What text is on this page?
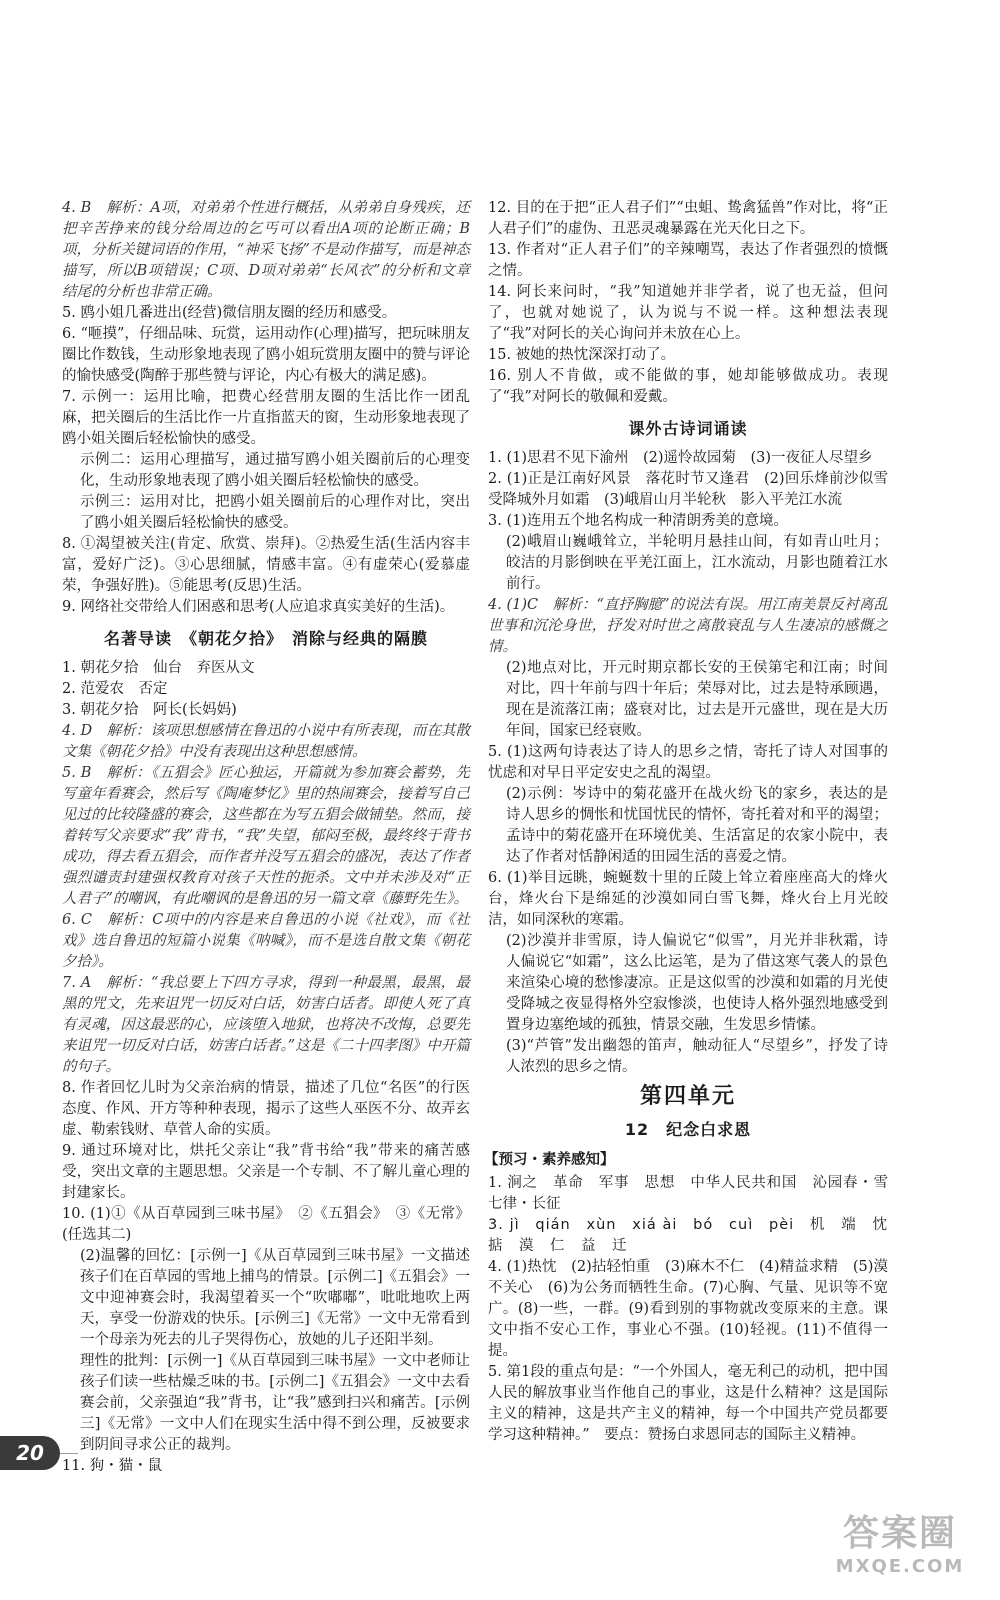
4. B　解析：A项，对弟弟个性进行概括，从弟弟自身残疾，还把辛苦挣来的钱分给周边的乞丐可以看出A项的论断正确；B项，分析关键词语的作用，“神采飞扬”不是动作描写，而是神态描写，所以B项错误；C项、D项对弟弟“长风衣”的分析和文章结尾的分析也非常正确。

5. 鸥小姐几番进出(经营)微信朋友圈的经历和感受。

6. “咂摸”，仔细品味、玩赏，运用动作(心理)描写，把玩味朋友圈比作数钱，生动形象地表现了鸥小姐玩赏朋友圈中的赞与评论的愉快感受(陶醉于那些赞与评论，内心有极大的满足感)。

7. 示例一：运用比喻，把费心经营朋友圈的生活比作一团乱麻，把关圈后的生活比作一片直指蓝天的窗，生动形象地表现了鸥小姐关圈后轻松愉快的感受。

示例二：运用心理描写，通过描写鸥小姐关圈前后的心理变化，生动形象地表现了鸥小姐关圈后轻松愉快的感受。

示例三：运用对比，把鸥小姐关圈前后的心理作对比，突出了鸥小姐关圈后轻松愉快的感受。

8. ①渴望被关注(肯定、欣赏、崇拜)。②热爱生活(生活内容丰富，爱好广泛)。③心思细腻，情感丰富。④有虚荣心(爱慕虚荣，争强好胜)。⑤能思考(反思)生活。

9. 网络社交带给人们困惑和思考(人应追求真实美好的生活)。

名著导读　《朝花夕拾》　消除与经典的隔膜

1. 朝花夕拾　仙台　弃医从文

2. 范爱农　否定

3. 朝花夕拾　阿长(长妈妈)

4. D　解析：该项思想感情在鲁迅的小说中有所表现，而在其散文集《朝花夕拾》中没有表现出这种思想感情。

5. B　解析：《五猖会》匠心独运，开篇就为参加赛会蓄势，先写童年看赛会，然后写《陶庵梦忆》里的热闹赛会，接着写自己见过的比较隆盛的赛会，这些都在为写五猖会做铺垫。然而，接着转写父亲要求“我”背书，“我”失望，郁闷至极，最终终于背书成功，得去看五猖会，而作者并没写五猖会的盛况，表达了作者强烈谴责封建强权教育对孩子天性的扼杀。文中并未涉及对“正人君子”的嘲讽，有此嘲讽的是鲁迅的另一篇文章《藤野先生》。

6. C　解析：C项中的内容是来自鲁迅的小说《社戏》，而《社戏》选自鲁迅的短篇小说集《呐喊》，而不是选自散文集《朝花夕拾》。

7. A　解析：“我总要上下四方寻求，得到一种最黑，最黑，最黑的咒文，先来诅咒一切反对白话，妨害白话者。即使人死了真有灵魂，因这最恶的心，应该堕入地狱，也将决不改悔，总要先来诅咒一切反对白话，妨害白话者。”这是《二十四孝图》中开篇的句子。

8. 作者回忆儿时为父亲治病的情景，描述了几位“名医”的行医态度、作风、开方等种种表现，揭示了这些人巫医不分、故弄玄虚、勒索钱财、草菅人命的实质。

9. 通过环境对比，烘托父亲让“我”背书给“我”带来的痛苦感受，突出文章的主题思想。父亲是一个专制、不了解儿童心理的封建家长。

10. (1)①《从百草园到三味书屋》　②《五猖会》　③《无常》(任选其二)

(2)温馨的回忆：[示例一]《从百草园到三味书屋》一文描述孩子们在百草园的雪地上捕鸟的情景。[示例二]《五猖会》一文中迎神赛会时，我渴望着买一个“吹嘟嘟”，吡吡地吹上两天，享受一份游戏的快乐。[示例三]《无常》一文中无常看到一个母亲为死去的儿子哭得伤心，放她的儿子还阳半刻。

理性的批判：[示例一]《从百草园到三味书屋》一文中老师让孩子们读一些枯燥乏味的书。[示例二]《五猖会》一文中去看赛会前，父亲强迫“我”背书，让“我”感到扫兴和痛苦。[示例三]《无常》一文中人们在现实生活中得不到公理，反被要求到阴间寻求公正的裁判。

11. 狗・猫・鼠

12. 目的在于把“正人君子们”“虫蛆、鸷禽猛兽”作对比，将“正人君子们”的虚伪、丑恶灵魂暴露在光天化日之下。

13. 作者对“正人君子们”的辛辣嘲骂，表达了作者强烈的愤慨之情。

14. 阿长来问时，“我”知道她并非学者，说了也无益，但问了，也就对她说了，认为说与不说一样。这种想法表现了“我”对阿长的关心询问并未放在心上。

15. 被她的热忱深深打动了。

16. 别人不肯做，或不能做的事，她却能够做成功。表现了“我”对阿长的敬佩和爱戴。

课外古诗词诵读

1. (1)思君不见下渝州　(2)遥怜故园菊　(3)一夜征人尽望乡

2. (1)正是江南好风景　落花时节又逢君　(2)回乐烽前沙似雪　受降城外月如霜　(3)峨眉山月半轮秋　影入平羌江水流

3. (1)连用五个地名构成一种清朗秀美的意境。

(2)峨眉山巍峨耸立，半轮明月悬挂山间，有如青山吐月；皎洁的月影倒映在平羌江面上，江水流动，月影也随着江水前行。

4. (1)C　解析：“直抒胸臆”的说法有误。用江南美景反衬离乱世事和沉沦身世，抒发对时世之离散衰乱与人生凄凉的感慨之情。

(2)地点对比，开元时期京都长安的王侯第宅和江南；时间对比，四十年前与四十年后；荣辱对比，过去是特承顾遇，现在是流落江南；盛衰对比，过去是开元盛世，现在是大历年间，国家已经衰败。

5. (1)这两句诗表达了诗人的思乡之情，寄托了诗人对国事的忧虑和对早日平定安史之乱的渴望。

(2)示例：岑诗中的菊花盛开在战火纷飞的家乡，表达的是诗人思乡的惆怅和忧国忧民的情怀，寄托着对和平的渴望；孟诗中的菊花盛开在环境优美、生活富足的农家小院中，表达了作者对恬静闲适的田园生活的喜爱之情。

6. (1)举目远眺，蜿蜒数十里的丘陵上耸立着座座高大的烽火台，烽火台下是绵延的沙漠如同白雪飞舞，烽火台上月光皎洁，如同深秋的寒霜。

(2)沙漠并非雪原，诗人偏说它“似雪”，月光并非秋霜，诗人偏说它“如霜”，这么比运笔，是为了借这寒气袭人的景色来渲染心境的愁惨凄凉。正是这似雪的沙漠和如霜的月光使受降城之夜显得格外空寂惨淡，也使诗人格外强烈地感受到置身边塞绝域的孤独，情景交融，生发思乡情愫。

(3)“芦管”发出幽怨的笛声，触动征人“尽望乡”，抒发了诗人浓烈的思乡之情。

第四单元
12　纪念白求恩
【预习・素养感知】

1. 涧之　革命　军事　思想　中华人民共和国　沁园春・雪　七律・长征

3. jì　qián　xùn　xiá ài　bó　cuì　pèi　机　端　忱　掂　漠　仁　益　迁

4. (1)热忱　(2)拈轻怕重　(3)麻木不仁　(4)精益求精　(5)漠不关心　(6)为公务而牺牲生命。(7)心胸、气量、见识等不宽广。(8)一些，一群。(9)看到别的事物就改变原来的主意。课文中指不安心工作，事业心不强。(10)轻视。(11)不值得一提。

5. 第1段的重点句是：“一个外国人，毫无利己的动机，把中国人民的解放事业当作他自己的事业，这是什么精神？这是国际主义的精神，这是共产主义的精神，每一个中国共产党员都要学习这种精神。”　要点：赞扬白求恩同志的国际主义精神。

20
答案圈
MXQE.COM
